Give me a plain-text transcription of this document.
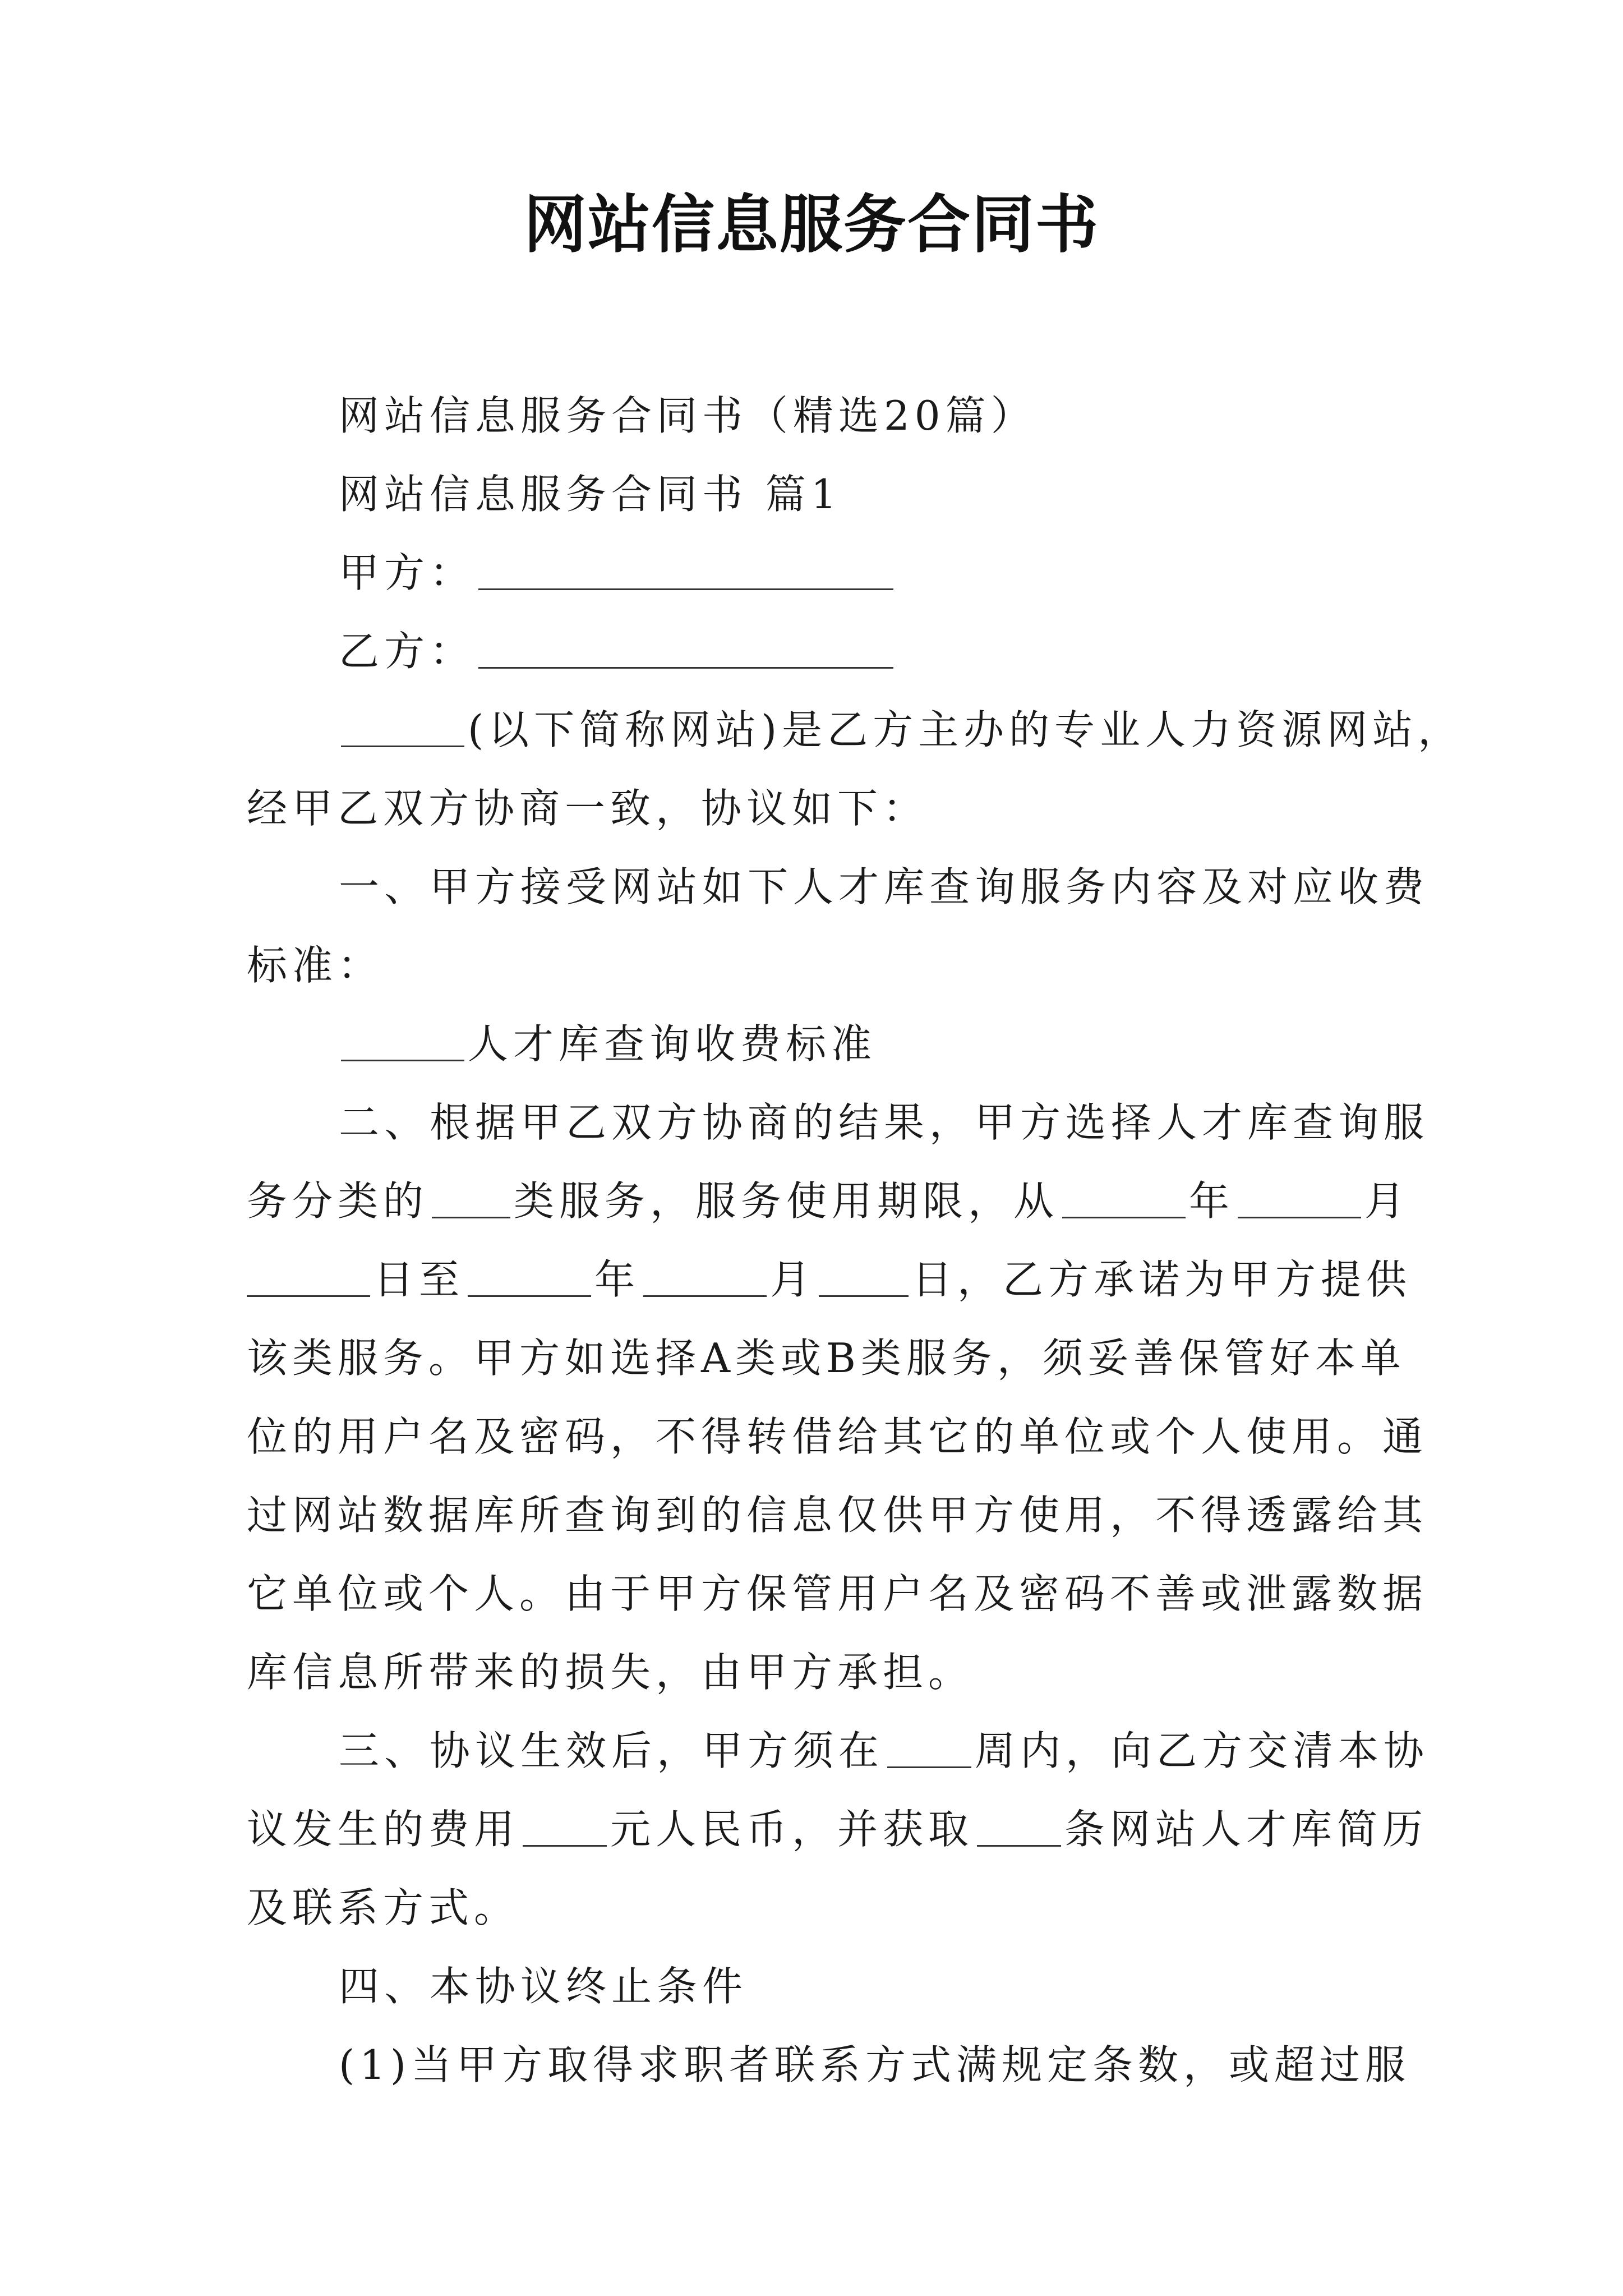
网站信息服务合同书
网站信息服务合同书（精选20篇）
网站信息服务合同书 篇1
甲方：
乙方：
(以下简称网站)是乙方主办的专业人力资源网站，
经甲乙双方协商一致，协议如下：
一、甲方接受网站如下人才库查询服务内容及对应收费
标准：
人才库查询收费标准
二、根据甲乙双方协商的结果，甲方选择人才库查询服
务分类的 类服务，服务使用期限，从	年	月
日至	年	月 日，乙方承诺为甲方提供
该类服务。甲方如选择A类或B类服务，须妥善保管好本单
位的用户名及密码，不得转借给其它的单位或个人使用。通
过网站数据库所查询到的信息仅供甲方使用，不得透露给其
它单位或个人。由于甲方保管用户名及密码不善或泄露数据
库信息所带来的损失，由甲方承担。
三、协议生效后，甲方须在 周内，向乙方交清本协
议发生的费用 元人民币，并获取 条网站人才库简历
及联系方式。
四、本协议终止条件
(1)当甲方取得求职者联系方式满规定条数，或超过服
